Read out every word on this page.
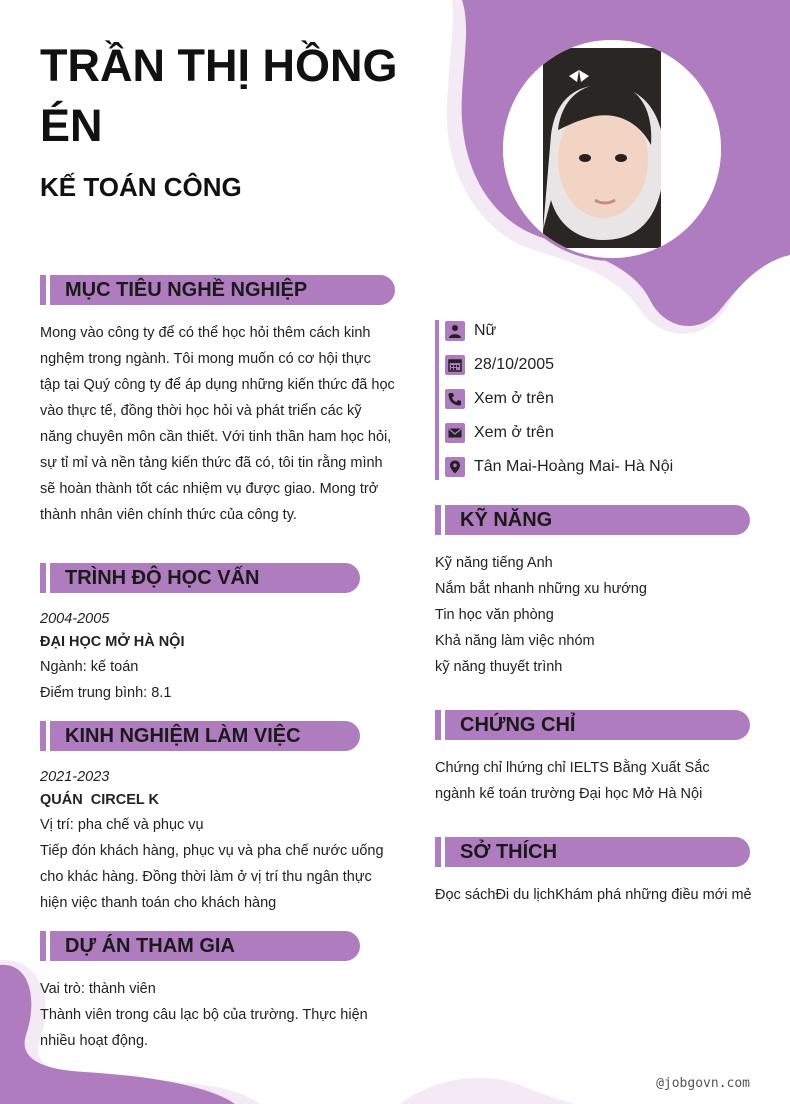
TRẦN THỊ HỒNG ÉN
KẾ TOÁN CÔNG
MỤC TIÊU NGHỀ NGHIỆP
Mong vào công ty để có thể học hỏi thêm cách kinh nghệm trong ngành. Tôi mong muốn có cơ hội thực tập tại Quý công ty để áp dụng những kiến thức đã học vào thực tế, đồng thời học hỏi và phát triển các kỹ năng chuyên môn cần thiết. Với tinh thần ham học hỏi, sự tỉ mỉ và nền tảng kiến thức đã có, tôi tin rằng mình sẽ hoàn thành tốt các nhiệm vụ được giao. Mong trở thành nhân viên chính thức của công ty.
TRÌNH ĐỘ HỌC VẤN
2004-2005
ĐẠI HỌC MỞ HÀ NỘI
Ngành: kế toán
Điểm trung bình: 8.1
KINH NGHIỆM LÀM VIỆC
2021-2023
QUÁN  CIRCEL K
Vị trí: pha chế và phục vụ
Tiếp đón khách hàng, phục vụ và pha chế nước uống cho khác hàng. Đồng thời làm ở vị trí thu ngân thực hiện việc thanh toán cho khách hàng
DỰ ÁN THAM GIA
Vai trò: thành viên
Thành viên trong câu lạc bộ của trường. Thực hiện nhiều hoạt động.
Nữ
28/10/2005
Xem ở trên
Xem ở trên
Tân Mai-Hoàng Mai- Hà Nội
KỸ NĂNG
Kỹ năng tiếng Anh
Nắm bắt nhanh những xu hướng
Tin học văn phòng
Khả năng làm việc nhóm
kỹ năng thuyết trình
CHỨNG CHỈ
Chứng chỉ lhứng chỉ IELTS Bằng Xuất Sắc ngành kế toán trường Đại học Mở Hà Nội
SỞ THÍCH
Đọc sáchĐi du lịchKhám phá những điều mới mẻ
@jobgovn.com
